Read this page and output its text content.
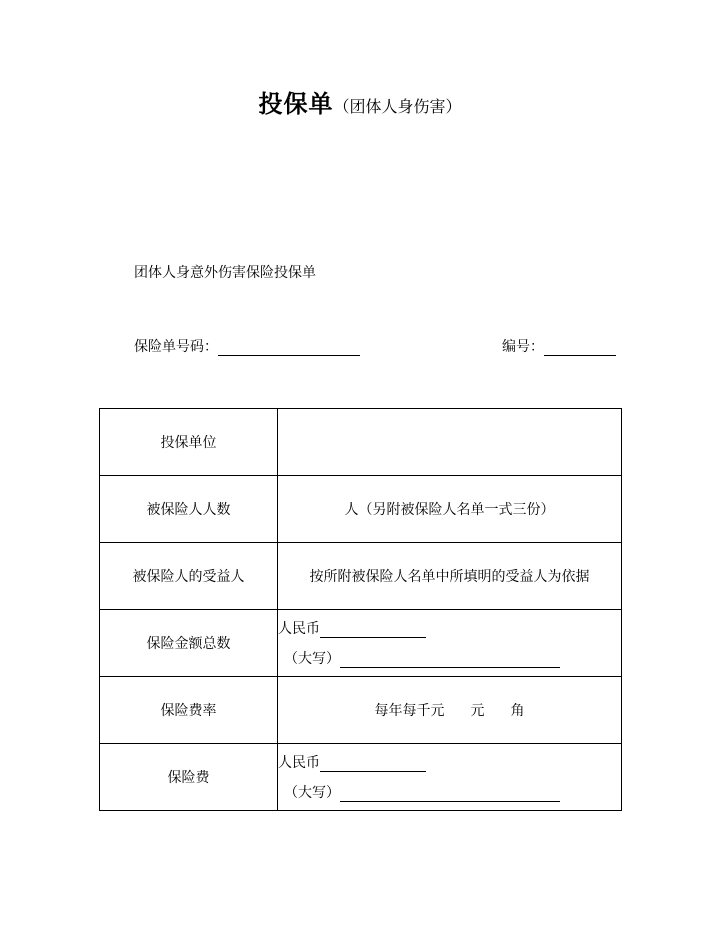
投保单（团体人身伤害）
团体人身意外伤害保险投保单
保险单号码：	编号：
投保单位	
被保险人人数	人（另附被保险人名单一式三份）
被保险人的受益人	按所附被保险人名单中所填明的受益人为依据
保险金额总数	人民币
（大写）

保险费率	每年每千元 元 角
保险费	人民币
（大写）
